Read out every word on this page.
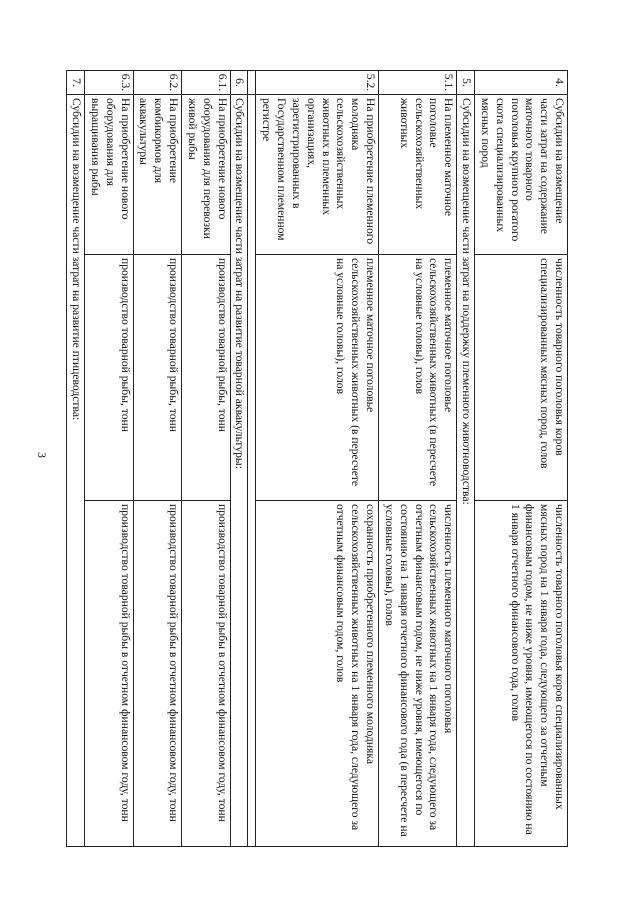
3
4.	Субсидии на возмещение части затрат на содержание маточного товарного поголовья крупного рогатого скота специализированных мясных пород	численность товарного поголовья коров специализированных мясных пород, голов	численность товарного поголовья коров специализированных мясных пород на 1 января года, следующего за отчетным финансовым годом, не ниже уровня, имеющегося по состоянию на 1 января отчетного финансового года, голов
5.	Субсидии на возмещение части затрат на поддержку племенного животноводства:		
5.1.	На племенное маточное поголовье сельскохозяйственных животных	племенное маточное поголовье сельскохозяйственных животных (в пересчете на условные головы), голов	численность племенного маточного поголовья сельскохозяйственных животных на 1 января года, следующего за отчетным финансовым годом, не ниже уровня, имеющегося по состоянию на 1 января отчетного финансового года (в пересчете на условные головы), голов
5.2.	На приобретение племенного молодняка сельскохозяйственных животных в племенных организациях, зарегистрированных в Государственном племенном регистре	племенное маточное поголовье сельскохозяйственных животных (в пересчете на условные головы), голов	сохранность приобретенного племенного молодняка сельскохозяйственных животных на 1 января года, следующего за отчетным финансовым годом, голов

6.	Субсидии на возмещение части затрат на развитие товарной аквакультуры:		
6.1.	На приобретение нового оборудования для перевозки живой рыбы	производство товарной рыбы, тонн	производство товарной рыбы в отчетном финансовом году, тонн
6.2.	На приобретение комбикормов для аквакультуры	производство товарной рыбы, тонн	производство товарной рыбы в отчетном финансовом году, тонн
6.3.	На приобретение нового оборудования для выращивания рыбы	производство товарной рыбы, тонн	производство товарной рыбы в отчетном финансовом году, тонн
7.	Субсидии на возмещение части затрат на развитие птицеводства:		
